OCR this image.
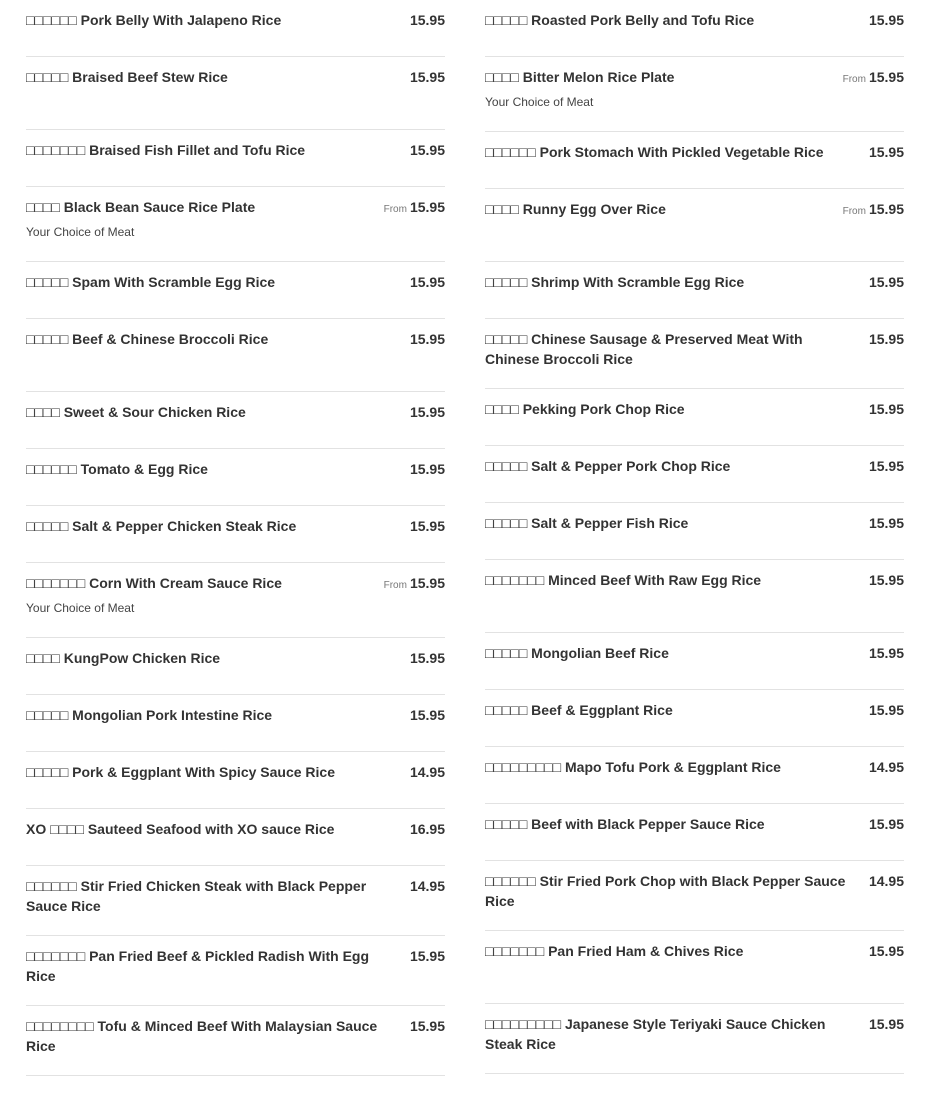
□□□□□□ Pork Belly With Jalapeno Rice	15.95
□□□□□ Braised Beef Stew Rice	15.95
□□□□□□□ Braised Fish Fillet and Tofu Rice	15.95
□□□□ Black Bean Sauce Rice Plate	From 15.95
Your Choice of Meat
□□□□□ Spam With Scramble Egg Rice	15.95
□□□□□ Beef & Chinese Broccoli Rice	15.95
□□□□ Sweet & Sour Chicken Rice	15.95
□□□□□□ Tomato & Egg Rice	15.95
□□□□□ Salt & Pepper Chicken Steak Rice	15.95
□□□□□□□ Corn With Cream Sauce Rice	From 15.95
Your Choice of Meat
□□□□ KungPow Chicken Rice	15.95
□□□□□ Mongolian Pork Intestine Rice	15.95
□□□□□ Pork & Eggplant With Spicy Sauce Rice	14.95
XO □□□□ Sauteed Seafood with XO sauce Rice	16.95
□□□□□□ Stir Fried Chicken Steak with Black Pepper Sauce Rice
14.95
□□□□□□□ Pan Fried Beef & Pickled Radish With Egg Rice
15.95
□□□□□□□□ Tofu & Minced Beef With Malaysian Sauce Rice
15.95
□□□□□ Roasted Pork Belly and Tofu Rice	15.95
□□□□ Bitter Melon Rice Plate	From 15.95
Your Choice of Meat
□□□□□□ Pork Stomach With Pickled Vegetable Rice	15.95
□□□□ Runny Egg Over Rice	From 15.95
□□□□□ Shrimp With Scramble Egg Rice	15.95
□□□□□ Chinese Sausage & Preserved Meat With Chinese Broccoli Rice
15.95
□□□□ Pekking Pork Chop Rice	15.95
□□□□□ Salt & Pepper Pork Chop Rice	15.95
□□□□□ Salt & Pepper Fish Rice	15.95
□□□□□□□ Minced Beef With Raw Egg Rice	15.95
□□□□□ Mongolian Beef Rice	15.95
□□□□□ Beef & Eggplant Rice	15.95
□□□□□□□□□ Mapo Tofu Pork & Eggplant Rice	14.95
□□□□□ Beef with Black Pepper Sauce Rice	15.95
□□□□□□ Stir Fried Pork Chop with Black Pepper Sauce Rice
14.95
□□□□□□□ Pan Fried Ham & Chives Rice	15.95
□□□□□□□□□ Japanese Style Teriyaki Sauce Chicken Steak Rice
15.95
